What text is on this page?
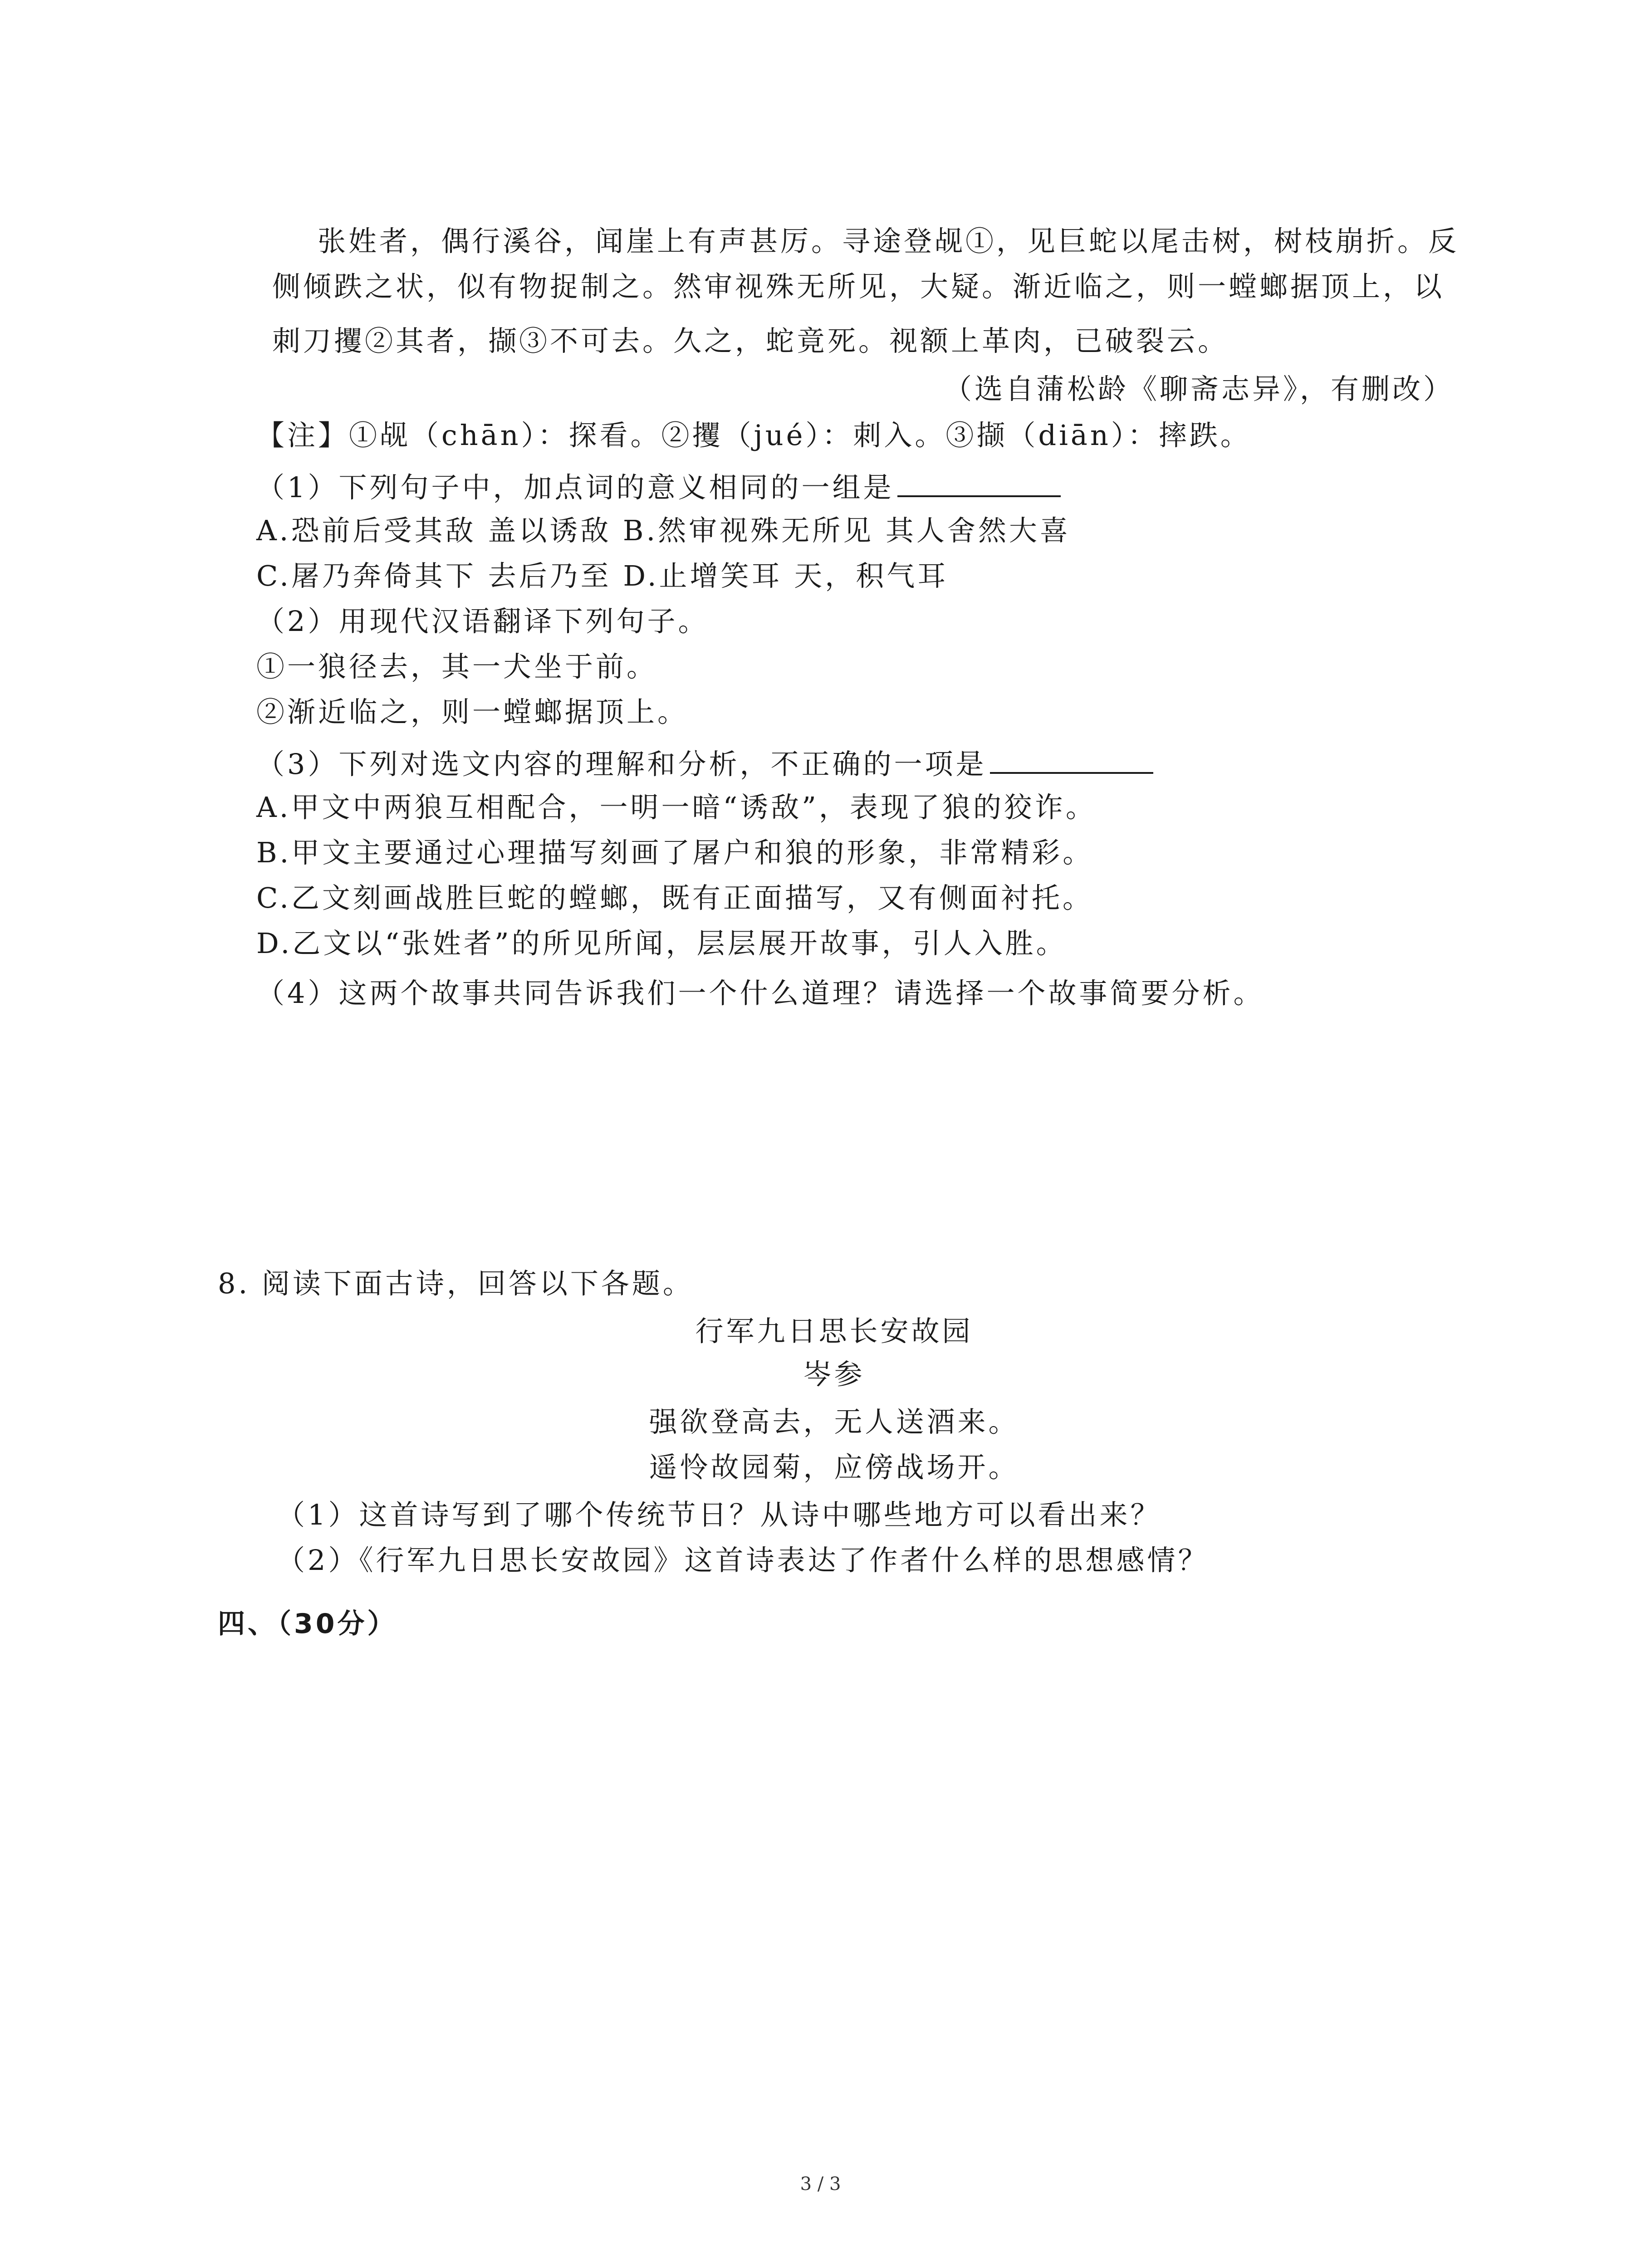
张姓者，偶行溪谷，闻崖上有声甚厉。寻途登觇①，见巨蛇以尾击树，树枝崩折。反
侧倾跌之状，似有物捉制之。然审视殊无所见，大疑。渐近临之，则一螳螂据顶上，以
刺刀攫②其者，撷③不可去。久之，蛇竟死。视额上革肉，已破裂云。
（选自蒲松龄《聊斋志异》，有删改）
【注】①觇（chān）：探看。②攫（jué）：刺入。③撷（diān）：摔跌。
（1）下列句子中，加点词的意义相同的一组是
A.恐前后受其敌 盖以诱敌 B.然审视殊无所见 其人舍然大喜
C.屠乃奔倚其下 去后乃至 D.止增笑耳 天，积气耳
（2）用现代汉语翻译下列句子。
①一狼径去，其一犬坐于前。
②渐近临之，则一螳螂据顶上。
（3）下列对选文内容的理解和分析，不正确的一项是
A.甲文中两狼互相配合，一明一暗“诱敌”，表现了狼的狡诈。
B.甲文主要通过心理描写刻画了屠户和狼的形象，非常精彩。
C.乙文刻画战胜巨蛇的螳螂，既有正面描写，又有侧面衬托。
D.乙文以“张姓者”的所见所闻，层层展开故事，引人入胜。
（4）这两个故事共同告诉我们一个什么道理？请选择一个故事简要分析。
8. 阅读下面古诗，回答以下各题。
行军九日思长安故园
岑参
强欲登高去，无人送酒来。
遥怜故园菊，应傍战场开。
（1）这首诗写到了哪个传统节日？从诗中哪些地方可以看出来？
（2）《行军九日思长安故园》这首诗表达了作者什么样的思想感情？
四、（30分）
3 / 3
